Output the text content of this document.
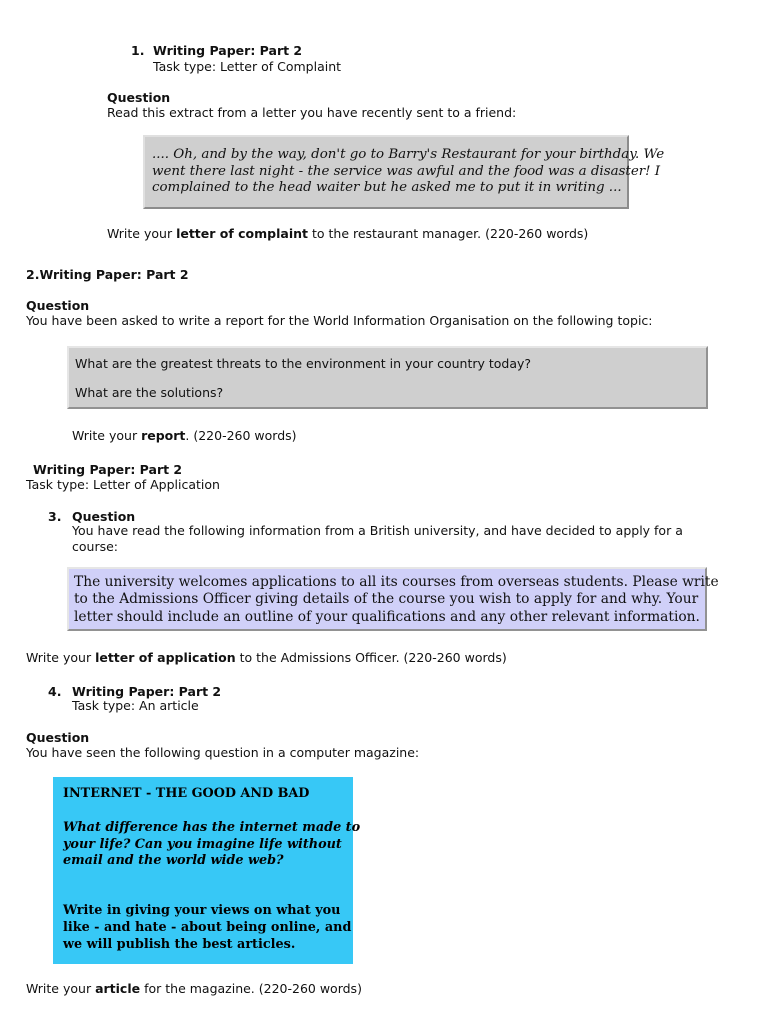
1. Writing Paper: Part 2
Task type: Letter of Complaint
Question
Read this extract from a letter you have recently sent to a friend:
.... Oh, and by the way, don't go to Barry's Restaurant for your birthday. We
went there last night - the service was awful and the food was a disaster! I
complained to the head waiter but he asked me to put it in writing ...
Write your letter of complaint to the restaurant manager. (220-260 words)
2.Writing Paper: Part 2
Question
You have been asked to write a report for the World Information Organisation on the following topic:
What are the greatest threats to the environment in your country today?
What are the solutions?
Write your report. (220-260 words)
Writing Paper: Part 2
Task type: Letter of Application
3. Question
You have read the following information from a British university, and have decided to apply for a
course:
The university welcomes applications to all its courses from overseas students. Please write
to the Admissions Officer giving details of the course you wish to apply for and why. Your
letter should include an outline of your qualifications and any other relevant information.
Write your letter of application to the Admissions Officer. (220-260 words)
4. Writing Paper: Part 2
Task type: An article
Question
You have seen the following question in a computer magazine:
INTERNET - THE GOOD AND BAD
What difference has the internet made to
your life? Can you imagine life without
email and the world wide web?
Write in giving your views on what you
like - and hate - about being online, and
we will publish the best articles.
Write your article for the magazine. (220-260 words)
